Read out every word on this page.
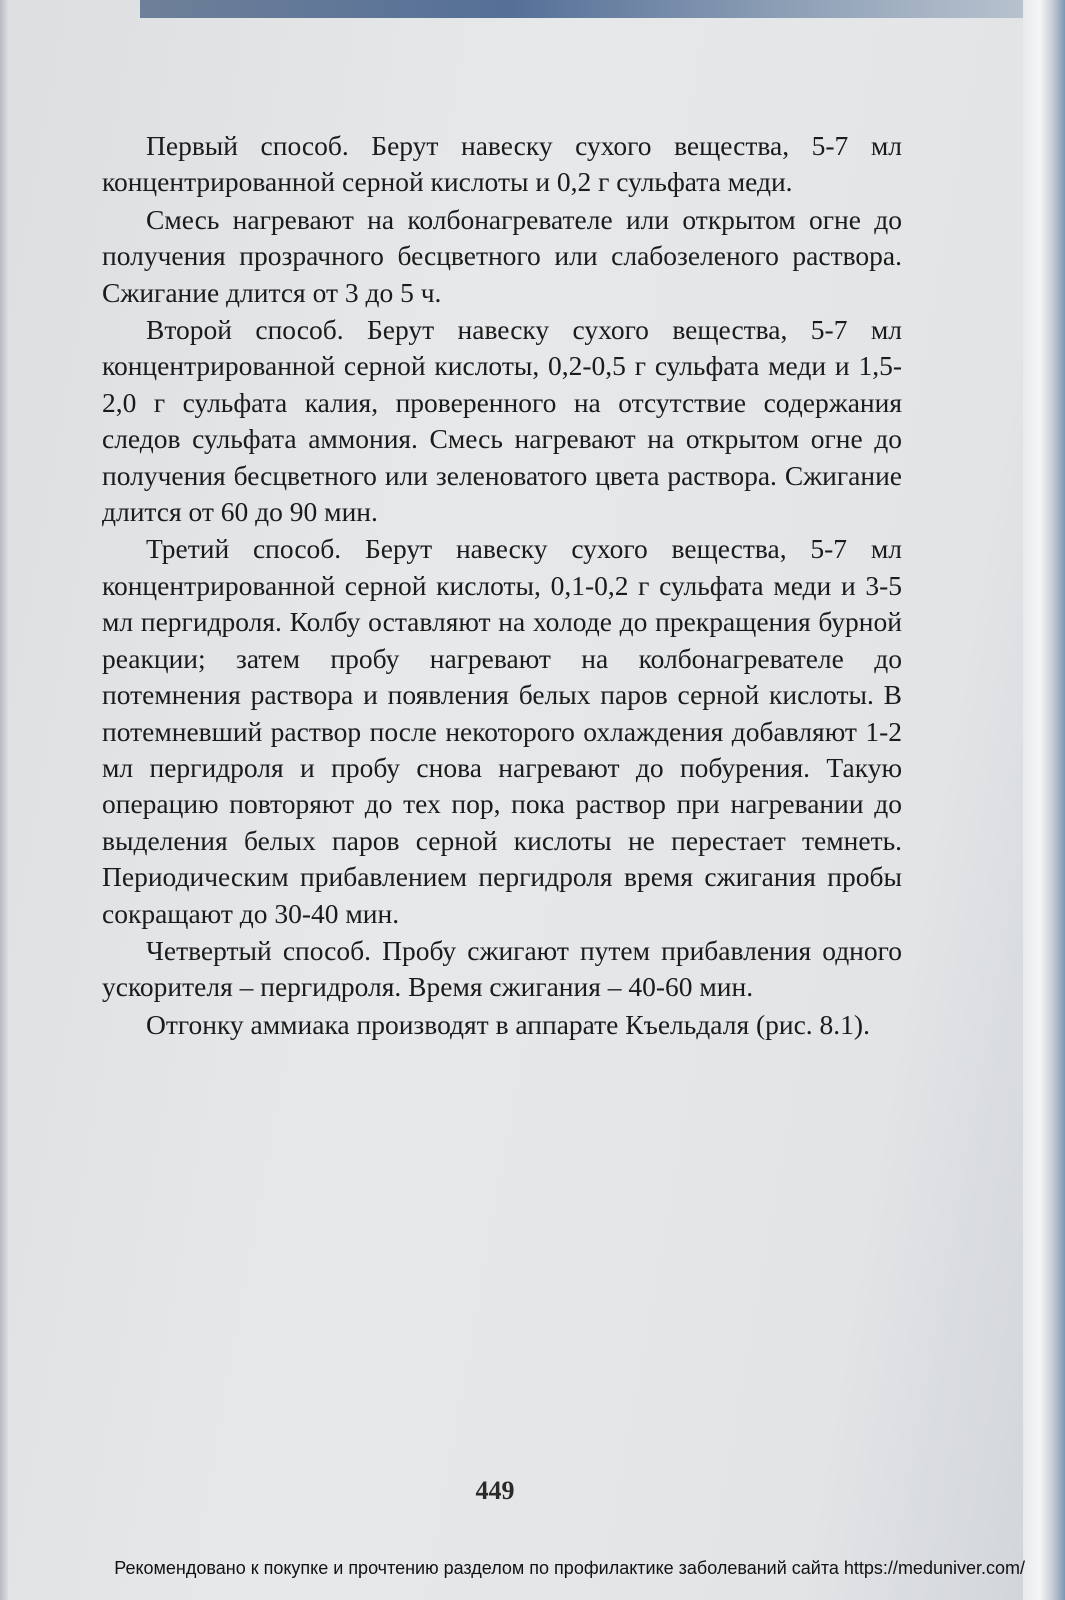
Первый способ. Берут навеску сухого вещества, 5-7 мл концентрированной серной кислоты и 0,2 г сульфата меди.

Смесь нагревают на колбонагревателе или открытом огне до получения прозрачного бесцветного или слабозеленого раствора. Сжигание длится от 3 до 5 ч.

Второй способ. Берут навеску сухого вещества, 5-7 мл концентрированной серной кислоты, 0,2-0,5 г сульфата меди и 1,5-2,0 г сульфата калия, проверенного на отсутствие содержания следов сульфата аммония. Смесь нагревают на открытом огне до получения бесцветного или зеленоватого цвета раствора. Сжигание длится от 60 до 90 мин.

Третий способ. Берут навеску сухого вещества, 5-7 мл концентрированной серной кислоты, 0,1-0,2 г сульфата меди и 3-5 мл пергидроля. Колбу оставляют на холоде до прекращения бурной реакции; затем пробу нагревают на колбонагревателе до потемнения раствора и появления белых паров серной кислоты. В потемневший раствор после некоторого охлаждения добавляют 1-2 мл пергидроля и пробу снова нагревают до побурения. Такую операцию повторяют до тех пор, пока раствор при нагревании до выделения белых паров серной кислоты не перестает темнеть. Периодическим прибавлением пергидроля время сжигания пробы сокращают до 30-40 мин.

Четвертый способ. Пробу сжигают путем прибавления одного ускорителя – пергидроля. Время сжигания – 40-60 мин.

Отгонку аммиака производят в аппарате Къельдаля (рис. 8.1).

449
Рекомендовано к покупке и прочтению разделом по профилактике заболеваний сайта https://meduniver.com/
